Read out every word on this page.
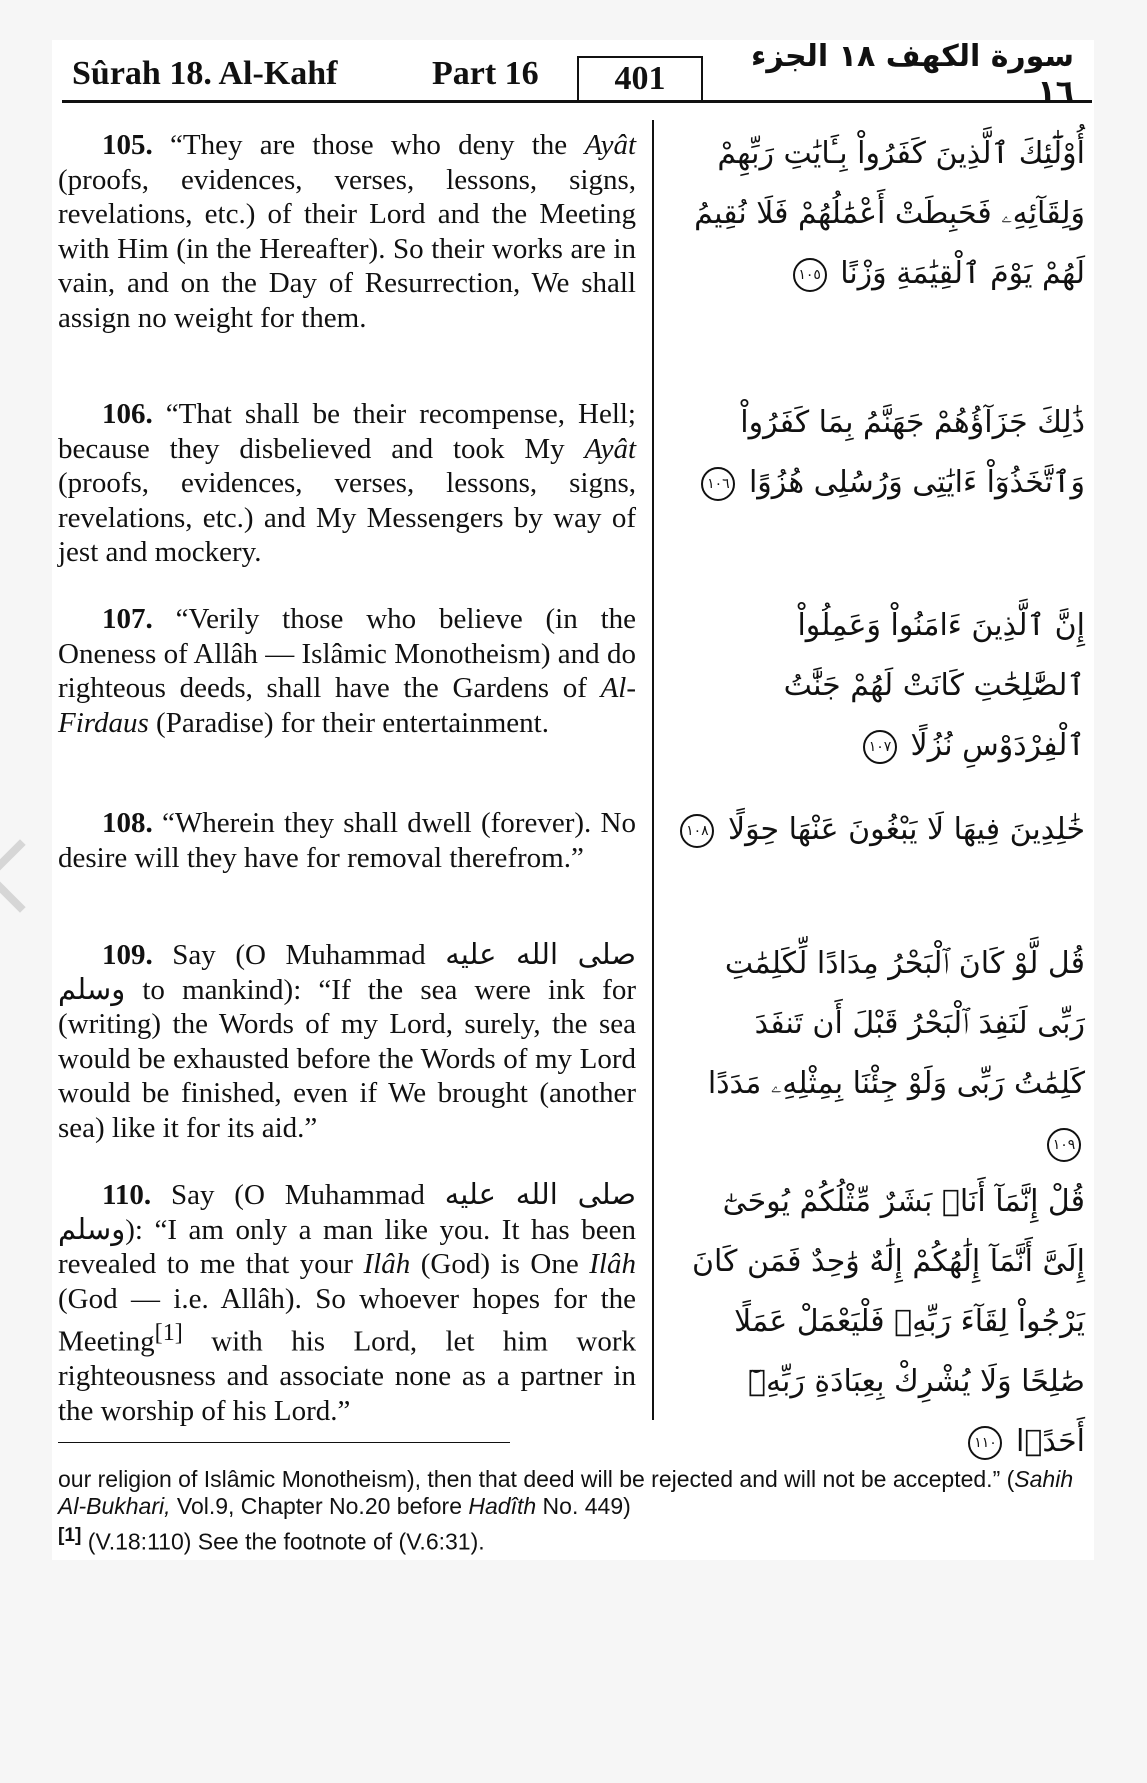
Sûrah 18. Al-Kahf	Part 16	401
سورة الكهف ١٨ الجزء ١٦
105. “They are those who deny the Ayât (proofs, evidences, verses, lessons, signs, revelations, etc.) of their Lord and the Meeting with Him (in the Hereafter). So their works are in vain, and on the Day of Resurrection, We shall assign no weight for them.
أُوْلَٰٓئِكَ ٱلَّذِينَ كَفَرُواْ بِـَٔايَٰتِ رَبِّهِمْ وَلِقَآئِهِۦ فَحَبِطَتْ أَعْمَٰلُهُمْ فَلَا نُقِيمُ لَهُمْ يَوْمَ ٱلْقِيَٰمَةِ وَزْنًا ١٠٥
106. “That shall be their recompense, Hell; because they disbelieved and took My Ayât (proofs, evidences, verses, lessons, signs, revelations, etc.) and My Messengers by way of jest and mockery.
ذَٰلِكَ جَزَآؤُهُمْ جَهَنَّمُ بِمَا كَفَرُواْ وَٱتَّخَذُوٓاْ ءَايَٰتِى وَرُسُلِى هُزُوًا ١٠٦
107. “Verily those who believe (in the Oneness of Allâh — Islâmic Monotheism) and do righteous deeds, shall have the Gardens of Al-Firdaus (Paradise) for their entertainment.
إِنَّ ٱلَّذِينَ ءَامَنُواْ وَعَمِلُواْ ٱلصَّٰلِحَٰتِ كَانَتْ لَهُمْ جَنَّٰتُ ٱلْفِرْدَوْسِ نُزُلًا ١٠٧
108. “Wherein they shall dwell (forever). No desire will they have for removal therefrom.”
خَٰلِدِينَ فِيهَا لَا يَبْغُونَ عَنْهَا حِوَلًا ١٠٨
109. Say (O Muhammad صلى الله عليه وسلم to mankind): “If the sea were ink for (writing) the Words of my Lord, surely, the sea would be exhausted before the Words of my Lord would be finished, even if We brought (another sea) like it for its aid.”
قُل لَّوْ كَانَ ٱلْبَحْرُ مِدَادًا لِّكَلِمَٰتِ رَبِّى لَنَفِدَ ٱلْبَحْرُ قَبْلَ أَن تَنفَدَ كَلِمَٰتُ رَبِّى وَلَوْ جِئْنَا بِمِثْلِهِۦ مَدَدًا ١٠٩
110. Say (O Muhammad صلى الله عليه وسلم): “I am only a man like you. It has been revealed to me that your Ilâh (God) is One Ilâh (God — i.e. Allâh). So whoever hopes for the Meeting[1] with his Lord, let him work righteousness and associate none as a partner in the worship of his Lord.”
قُلْ إِنَّمَآ أَنَا۠ بَشَرٌ مِّثْلُكُمْ يُوحَىٰٓ إِلَىَّ أَنَّمَآ إِلَٰهُكُمْ إِلَٰهٌ وَٰحِدٌ فَمَن كَانَ يَرْجُواْ لِقَآءَ رَبِّهِۦ فَلْيَعْمَلْ عَمَلًا صَٰلِحًا وَلَا يُشْرِكْ بِعِبَادَةِ رَبِّهِۦٓ أَحَدًۢا ١١٠
our religion of Islâmic Monotheism), then that deed will be rejected and will not be accepted.” (Sahih Al-Bukhari, Vol.9, Chapter No.20 before Hadîth No. 449)
[1] (V.18:110) See the footnote of (V.6:31).
